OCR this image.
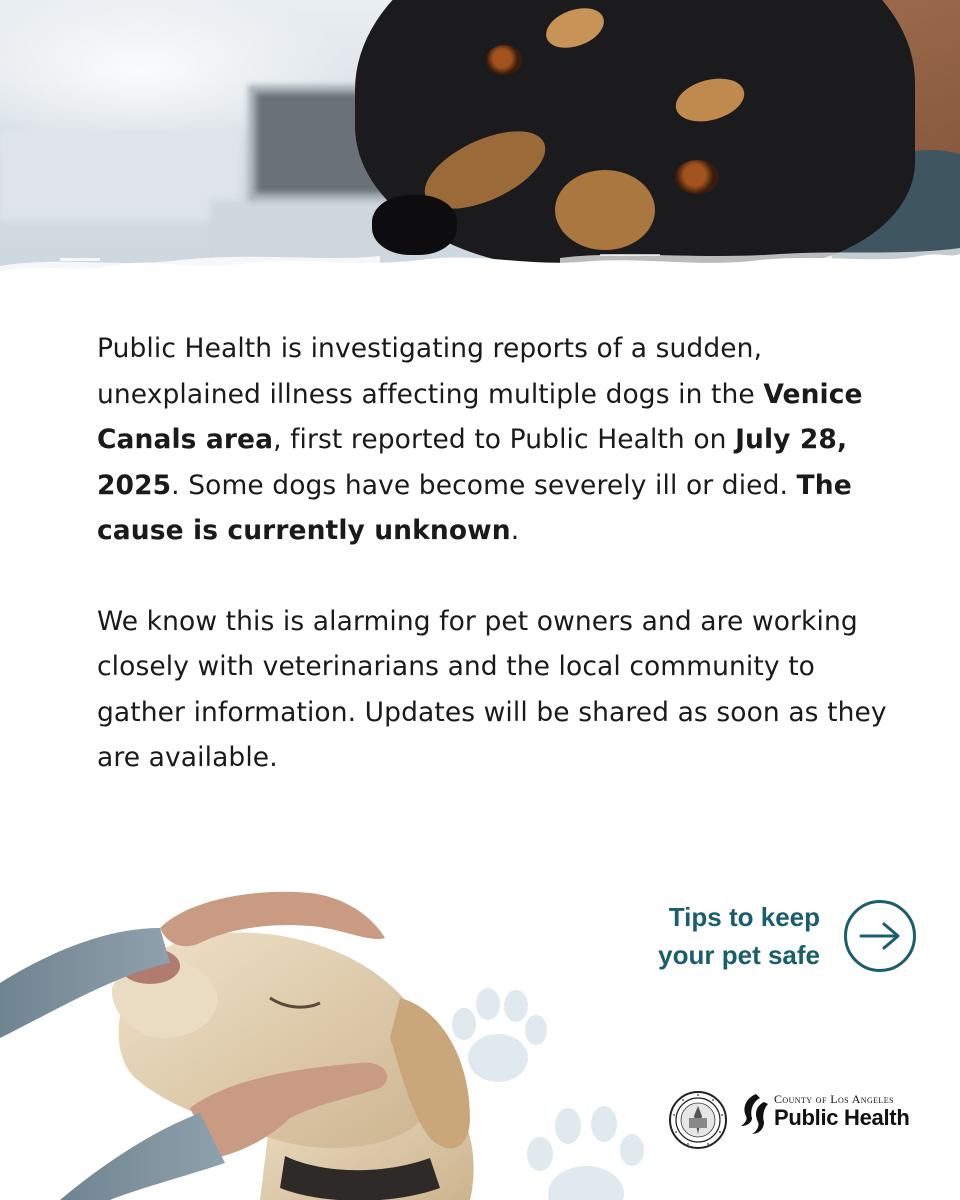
Public Health is investigating reports of a sudden, unexplained illness affecting multiple dogs in the Venice Canals area, first reported to Public Health on July 28, 2025. Some dogs have become severely ill or died. The cause is currently unknown.

We know this is alarming for pet owners and are working closely with veterinarians and the local community to gather information. Updates will be shared as soon as they are available.

Tips to keep
your pet safe
County of Los Angeles
Public Health
